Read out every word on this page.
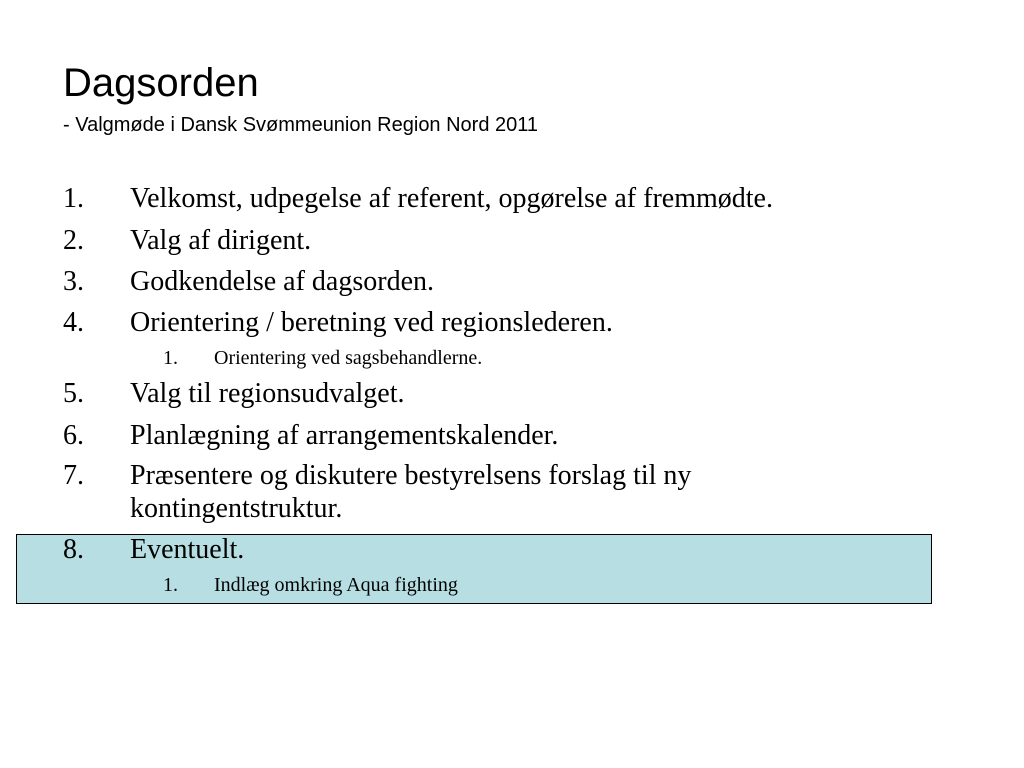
Dagsorden
- Valgmøde i Dansk Svømmeunion Region Nord 2011
1. Velkomst, udpegelse af referent, opgørelse af fremmødte.
2. Valg af dirigent.
3. Godkendelse af dagsorden.
4. Orientering / beretning ved regionslederen.
1. Orientering ved sagsbehandlerne.
5. Valg til regionsudvalget.
6. Planlægning af arrangementskalender.
7. Præsentere og diskutere bestyrelsens forslag til ny
kontingentstruktur.
8. Eventuelt.
1. Indlæg omkring Aqua fighting
